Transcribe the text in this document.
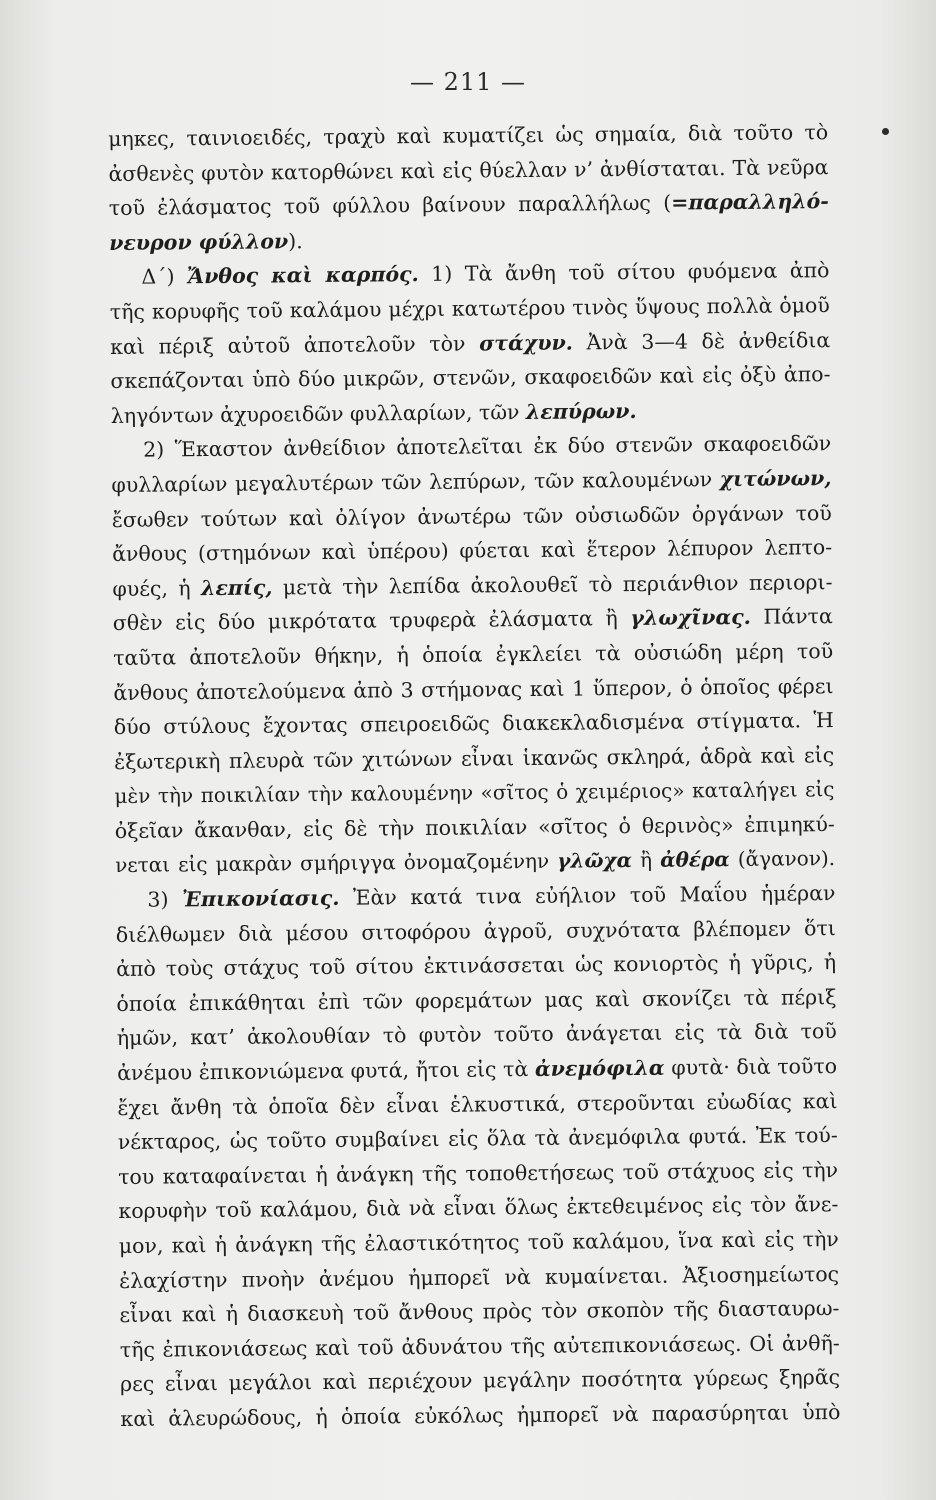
— 211 —
μηκες, ταινιοειδές, τραχὺ καὶ κυματίζει ὡς σημαία, διὰ τοῦτο τὸ
ἀσθενὲς φυτὸν κατορθώνει καὶ εἰς θύελλαν ν’ ἀνθίσταται. Τὰ νεῦρα
τοῦ ἐλάσματος τοῦ φύλλου βαίνουν παραλλήλως (=παραλληλό-
νευρον φύλλον).
Δ΄) Ἄνθος καὶ καρπός. 1) Τὰ ἄνθη τοῦ σίτου φυόμενα ἀπὸ
τῆς κορυφῆς τοῦ καλάμου μέχρι κατωτέρου τινὸς ὕψους πολλὰ ὁμοῦ
καὶ πέριξ αὐτοῦ ἀποτελοῦν τὸν στάχυν. Ἀνὰ 3—4 δὲ ἀνθείδια
σκεπάζονται ὑπὸ δύο μικρῶν, στενῶν, σκαφοειδῶν καὶ εἰς ὀξὺ ἀπο-
ληγόντων ἀχυροειδῶν φυλλαρίων, τῶν λεπύρων.
2) Ἕκαστον ἀνθείδιον ἀποτελεῖται ἐκ δύο στενῶν σκαφοειδῶν
φυλλαρίων μεγαλυτέρων τῶν λεπύρων, τῶν καλουμένων χιτώνων,
ἔσωθεν τούτων καὶ ὀλίγον ἀνωτέρω τῶν οὐσιωδῶν ὀργάνων τοῦ
ἄνθους (στημόνων καὶ ὑπέρου) φύεται καὶ ἕτερον λέπυρον λεπτο-
φυές, ἡ λεπίς, μετὰ τὴν λεπίδα ἀκολουθεῖ τὸ περιάνθιον περιορι-
σθὲν εἰς δύο μικρότατα τρυφερὰ ἐλάσματα ἢ γλωχῖνας. Πάντα
ταῦτα ἀποτελοῦν θήκην, ἡ ὁποία ἐγκλείει τὰ οὐσιώδη μέρη τοῦ
ἄνθους ἀποτελούμενα ἀπὸ 3 στήμονας καὶ 1 ὕπερον, ὁ ὁποῖος φέρει
δύο στύλους ἔχοντας σπειροειδῶς διακεκλαδισμένα στίγματα. Ἡ
ἐξωτερικὴ πλευρὰ τῶν χιτώνων εἶναι ἱκανῶς σκληρά, ἁδρὰ καὶ εἰς
μὲν τὴν ποικιλίαν τὴν καλουμένην «σῖτος ὁ χειμέριος» καταλήγει εἰς
ὀξεῖαν ἄκανθαν, εἰς δὲ τὴν ποικιλίαν «σῖτος ὁ θερινὸς» ἐπιμηκύ-
νεται εἰς μακρὰν σμήριγγα ὀνομαζομένην γλῶχα ἢ ἀθέρα (ἄγανον).
3) Ἐπικονίασις. Ἐὰν κατά τινα εὐήλιον τοῦ Μαΐου ἡμέραν
διέλθωμεν διὰ μέσου σιτοφόρου ἀγροῦ, συχνότατα βλέπομεν ὅτι
ἀπὸ τοὺς στάχυς τοῦ σίτου ἐκτινάσσεται ὡς κονιορτὸς ἡ γῦρις, ἡ
ὁποία ἐπικάθηται ἐπὶ τῶν φορεμάτων μας καὶ σκονίζει τὰ πέριξ
ἡμῶν, κατ’ ἀκολουθίαν τὸ φυτὸν τοῦτο ἀνάγεται εἰς τὰ διὰ τοῦ
ἀνέμου ἐπικονιώμενα φυτά, ἤτοι εἰς τὰ ἀνεμόφιλα φυτὰ· διὰ τοῦτο
ἔχει ἄνθη τὰ ὁποῖα δὲν εἶναι ἑλκυστικά, στεροῦνται εὐωδίας καὶ
νέκταρος, ὡς τοῦτο συμβαίνει εἰς ὅλα τὰ ἀνεμόφιλα φυτά. Ἐκ τού-
του καταφαίνεται ἡ ἀνάγκη τῆς τοποθετήσεως τοῦ στάχυος εἰς τὴν
κορυφὴν τοῦ καλάμου, διὰ νὰ εἶναι ὅλως ἐκτεθειμένος εἰς τὸν ἄνε-
μον, καὶ ἡ ἀνάγκη τῆς ἐλαστικότητος τοῦ καλάμου, ἵνα καὶ εἰς τὴν
ἐλαχίστην πνοὴν ἀνέμου ἠμπορεῖ νὰ κυμαίνεται. Ἀξιοσημείωτος
εἶναι καὶ ἡ διασκευὴ τοῦ ἄνθους πρὸς τὸν σκοπὸν τῆς διασταυρω-
τῆς ἐπικονιάσεως καὶ τοῦ ἀδυνάτου τῆς αὐτεπικονιάσεως. Οἱ ἀνθῆ-
ρες εἶναι μεγάλοι καὶ περιέχουν μεγάλην ποσότητα γύρεως ξηρᾶς
καὶ ἀλευρώδους, ἡ ὁποία εὐκόλως ἠμπορεῖ νὰ παρασύρηται ὑπὸ
